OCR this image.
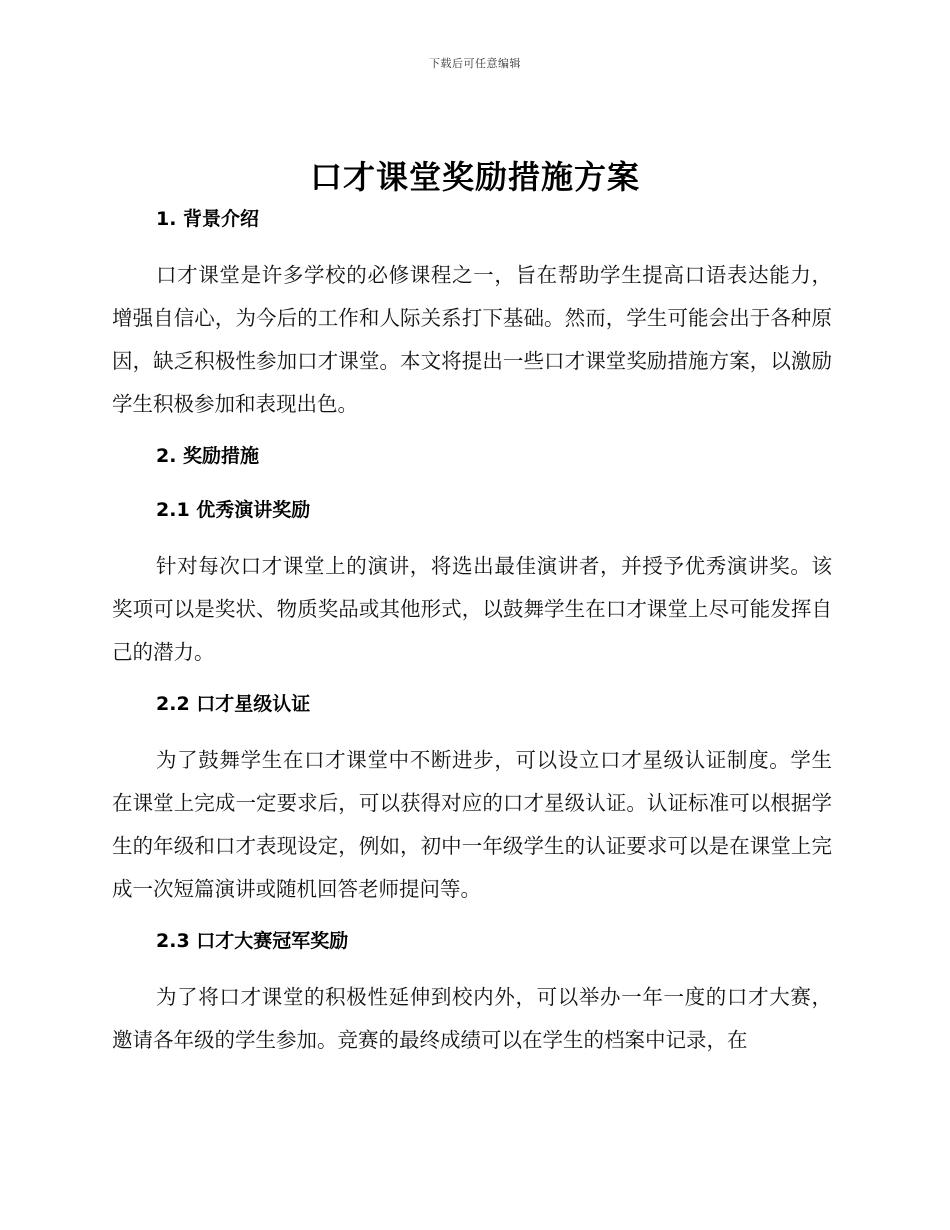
下载后可任意编辑
口才课堂奖励措施方案
1. 背景介绍

口才课堂是许多学校的必修课程之一，旨在帮助学生提高口语表达能力，增强自信心，为今后的工作和人际关系打下基础。然而，学生可能会出于各种原因，缺乏积极性参加口才课堂。本文将提出一些口才课堂奖励措施方案，以激励学生积极参加和表现出色。

2. 奖励措施
2.1 优秀演讲奖励

针对每次口才课堂上的演讲，将选出最佳演讲者，并授予优秀演讲奖。该奖项可以是奖状、物质奖品或其他形式，以鼓舞学生在口才课堂上尽可能发挥自己的潜力。

2.2 口才星级认证

为了鼓舞学生在口才课堂中不断进步，可以设立口才星级认证制度。学生在课堂上完成一定要求后，可以获得对应的口才星级认证。认证标准可以根据学生的年级和口才表现设定，例如，初中一年级学生的认证要求可以是在课堂上完成一次短篇演讲或随机回答老师提问等。

2.3 口才大赛冠军奖励

为了将口才课堂的积极性延伸到校内外，可以举办一年一度的口才大赛，邀请各年级的学生参加。竞赛的最终成绩可以在学生的档案中记录，在
